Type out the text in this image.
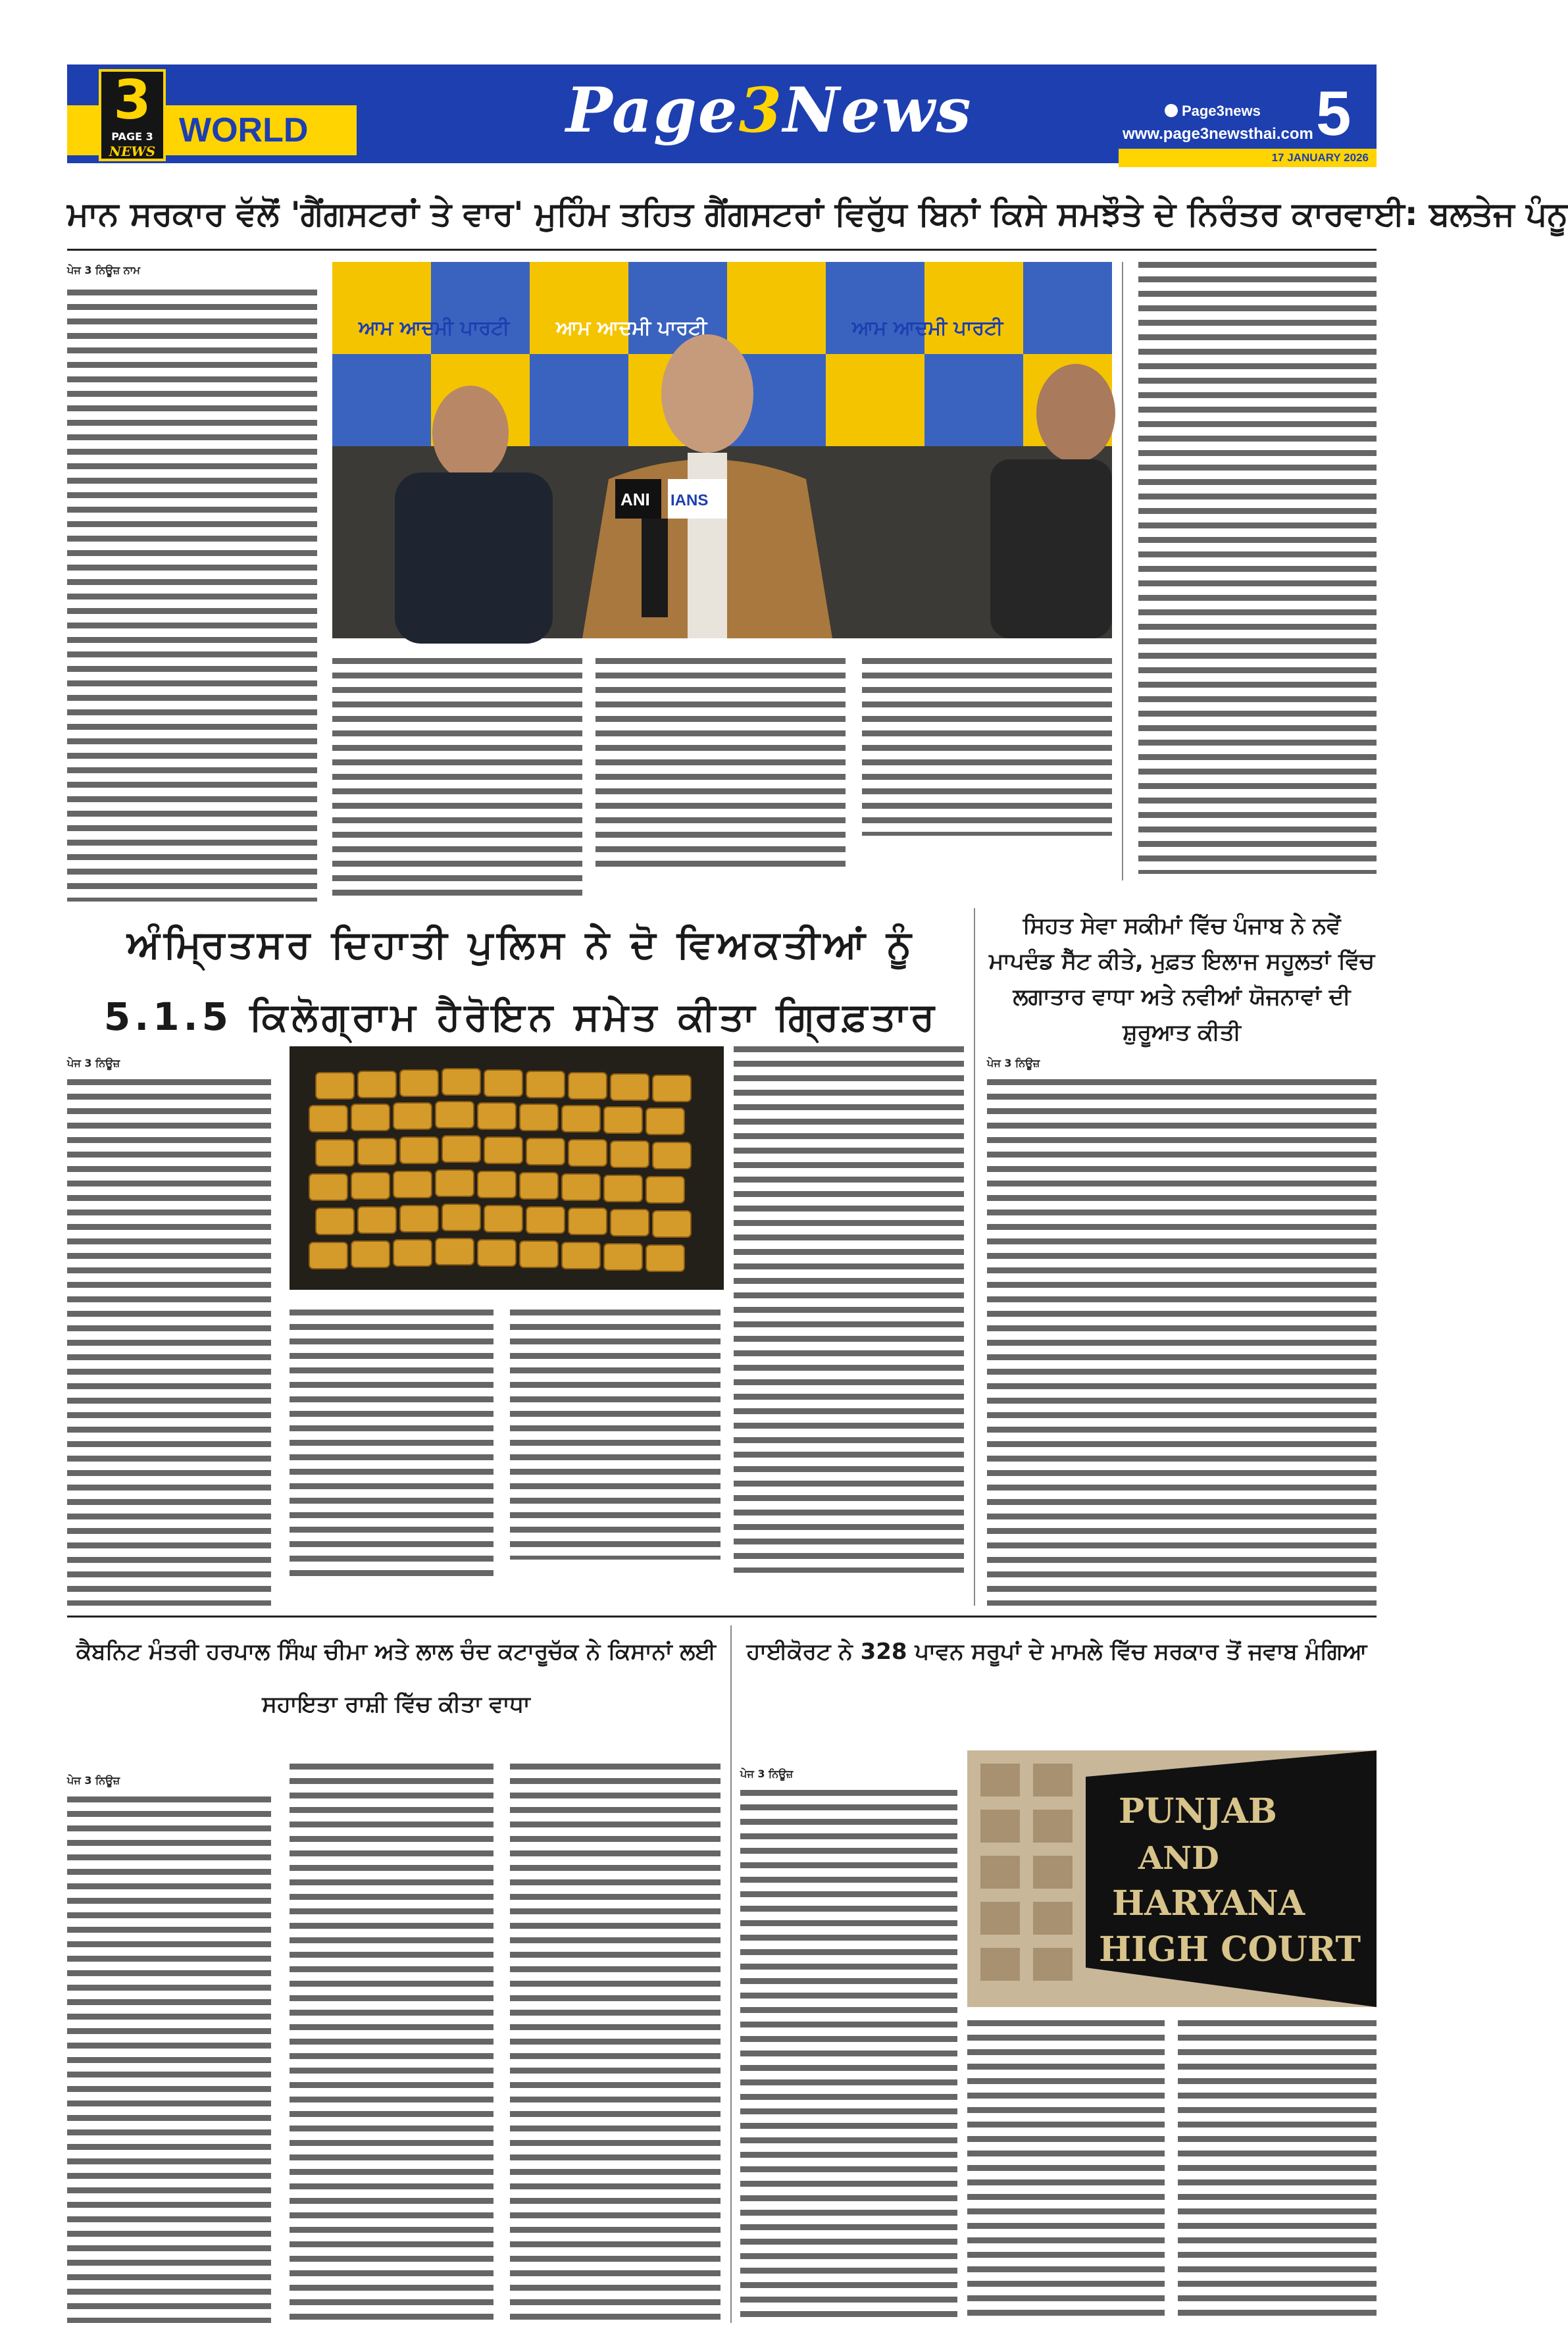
3
PAGE 3
NEWS
WORLD	Page3News	Page3news
www.page3newsthai.com 5
17 JANUARY 2026
ਮਾਨ ਸਰਕਾਰ ਵੱਲੋਂ 'ਗੈਂਗਸਟਰਾਂ ਤੇ ਵਾਰ' ਮੁਹਿੰਮ ਤਹਿਤ ਗੈਂਗਸਟਰਾਂ ਵਿਰੁੱਧ ਬਿਨਾਂ ਕਿਸੇ ਸਮਝੌਤੇ ਦੇ ਨਿਰੰਤਰ ਕਾਰਵਾਈ: ਬਲਤੇਜ ਪੰਨੂ
ਪੇਜ 3 ਨਿਊਜ਼ ਨਾਮ
ਆਮ ਆਦਮੀ ਪਾਰਟੀ ਆਮ ਆਦਮੀ ਪਾਰਟੀ	ਆਮ ਆਦਮੀ ਪਾਰਟੀ
ANI IANS
ਅੰਮ੍ਰਿਤਸਰ ਦਿਹਾਤੀ ਪੁਲਿਸ ਨੇ ਦੋ ਵਿਅਕਤੀਆਂ ਨੂੰ 5.1.5 ਕਿਲੋਗ੍ਰਾਮ ਹੈਰੋਇਨ ਸਮੇਤ ਕੀਤਾ ਗ੍ਰਿਫ਼ਤਾਰ
ਸਿਹਤ ਸੇਵਾ ਸਕੀਮਾਂ ਵਿੱਚ ਪੰਜਾਬ ਨੇ ਨਵੇਂ ਮਾਪਦੰਡ ਸੈੱਟ ਕੀਤੇ, ਮੁਫ਼ਤ ਇਲਾਜ ਸਹੂਲਤਾਂ ਵਿੱਚ ਲਗਾਤਾਰ ਵਾਧਾ ਅਤੇ ਨਵੀਆਂ ਯੋਜਨਾਵਾਂ ਦੀ ਸ਼ੁਰੂਆਤ ਕੀਤੀ
ਪੇਜ 3 ਨਿਊਜ਼	ਪੇਜ 3 ਨਿਊਜ਼
ਕੈਬਨਿਟ ਮੰਤਰੀ ਹਰਪਾਲ ਸਿੰਘ ਚੀਮਾ ਅਤੇ ਲਾਲ ਚੰਦ ਕਟਾਰੂਚੱਕ ਨੇ ਕਿਸਾਨਾਂ ਲਈ ਸਹਾਇਤਾ ਰਾਸ਼ੀ ਵਿੱਚ ਕੀਤਾ ਵਾਧਾ
ਹਾਈਕੋਰਟ ਨੇ 328 ਪਾਵਨ ਸਰੂਪਾਂ ਦੇ ਮਾਮਲੇ ਵਿੱਚ ਸਰਕਾਰ ਤੋਂ ਜਵਾਬ ਮੰਗਿਆ
ਪੇਜ 3 ਨਿਊਜ਼
ਪੇਜ 3 ਨਿਊਜ਼
PUNJAB
AND
HARYANA
HIGH COURT
